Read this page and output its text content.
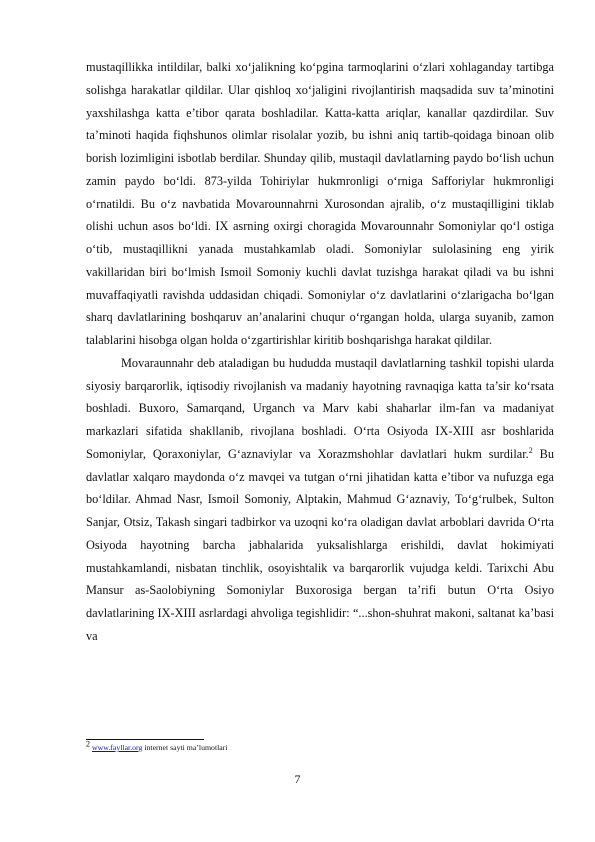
mustaqillikka intildilar, balki xo‘jalikning ko‘pgina tarmoqlarini o‘zlari xohlaganday tartibga solishga harakatlar qildilar. Ular qishloq xo‘jaligini rivojlantirish maqsadida suv ta’minotini yaxshilashga katta e’tibor qarata boshladilar. Katta-katta ariqlar, kanallar qazdirdilar. Suv ta’minoti haqida fiqhshunos olimlar risolalar yozib, bu ishni aniq tartib-qoidaga binoan olib borish lozimligini isbotlab berdilar. Shunday qilib, mustaqil davlatlarning paydo bo‘lish uchun zamin paydo bo‘ldi. 873-yilda Tohiriylar hukmronligi o‘rniga Safforiylar hukmronligi o‘rnatildi. Bu o‘z navbatida Movarounnahrni Xurosondan ajralib, o‘z mustaqilligini tiklab olishi uchun asos bo‘ldi. IX asrning oxirgi choragida Movarounnahr Somoniylar qo‘l ostiga o‘tib, mustaqillikni yanada mustahkamlab oladi. Somoniylar sulolasining eng yirik vakillaridan biri bo‘lmish Ismoil Somoniy kuchli davlat tuzishga harakat qiladi va bu ishni muvaffaqiyatli ravishda uddasidan chiqadi. Somoniylar o‘z davlatlarini o‘zlarigacha bo‘lgan sharq davlatlarining boshqaruv an’analarini chuqur o‘rgangan holda, ularga suyanib, zamon talablarini hisobga olgan holda o‘zgartirishlar kiritib boshqarishga harakat qildilar.

Movaraunnahr deb ataladigan bu hududda mustaqil davlatlarning tashkil topishi ularda siyosiy barqarorlik, iqtisodiy rivojlanish va madaniy hayotning ravnaqiga katta ta’sir ko‘rsata boshladi. Buxoro, Samarqand, Urganch va Marv kabi shaharlar ilm-fan va madaniyat markazlari sifatida shakllanib, rivojlana boshladi. O‘rta Osiyoda IX-XIII asr boshlarida Somoniylar, Qoraxoniylar, G‘aznaviylar va Xorazmshohlar davlatlari hukm surdilar.$^2$ Bu davlatlar xalqaro maydonda o‘z mavqei va tutgan o‘rni jihatidan katta e’tibor va nufuzga ega bo‘ldilar. Ahmad Nasr, Ismoil Somoniy, Alptakin, Mahmud G‘aznaviy, To‘g‘rulbek, Sulton Sanjar, Otsiz, Takash singari tadbirkor va uzoqni ko‘ra oladigan davlat arboblari davrida O‘rta Osiyoda hayotning barcha jabhalarida yuksalishlarga erishildi, davlat hokimiyati mustahkamlandi, nisbatan tinchlik, osoyishtalik va barqarorlik vujudga keldi. Tarixchi Abu Mansur as-Saolobiyning Somoniylar Buxorosiga bergan ta’rifi butun O‘rta Osiyo davlatlarining IX-XIII asrlardagi ahvoliga tegishlidir: “...shon-shuhrat makoni, saltanat ka’basi va

$^2$ www.fayllar.org internet sayti ma’lumotlari
7
